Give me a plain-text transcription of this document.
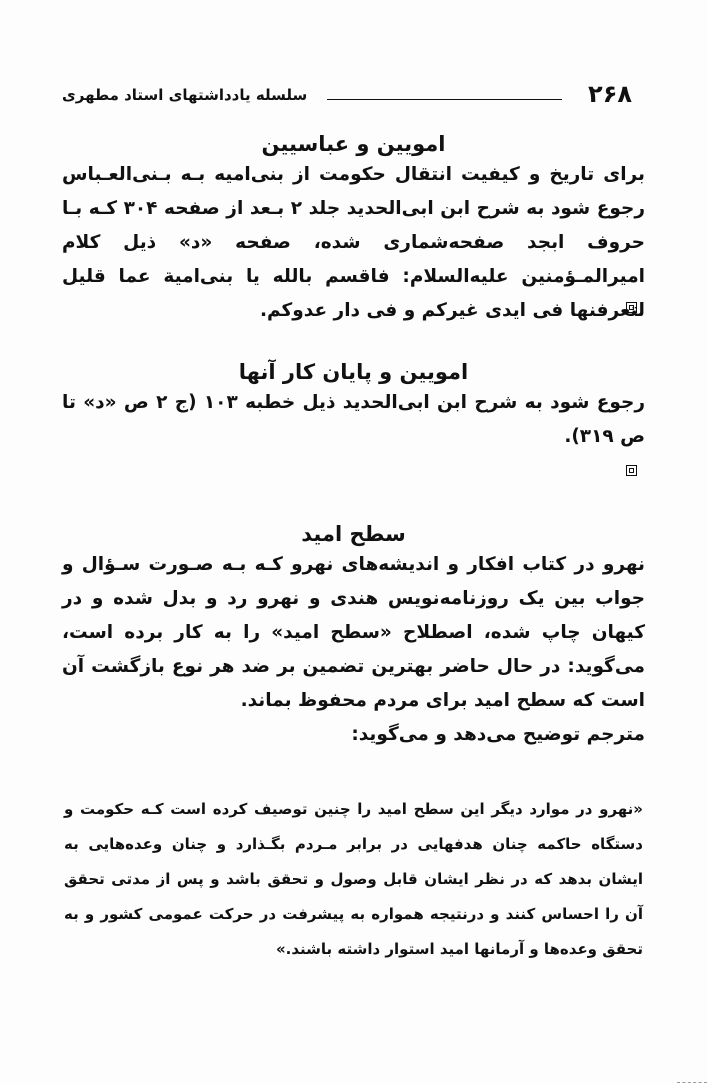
۲۶۸
سلسله یادداشتهای استاد مطهری
امویین و عباسیین

برای تاریخ و کیفیت انتقال حکومت از بنی‌امیه بـه بـنی‌العـباس رجوع شود به شرح ابن ابی‌الحدید جلد ۲ بـعد از صفحه ۳۰۴ کـه بـا حروف ابجد صفحه‌شماری شده، صفحه «د» ذیل کلام امیرالمـؤمنین علیه‌السلام: فاقسم بالله یا بنی‌امیة عما قلیل لتعرفنها فی ایدی غیرکم و فی دار عدوکم.

امویین و پایان کار آنها

رجوع شود به شرح ابن ابی‌الحدید ذیل خطبه ۱۰۳ (ج ۲ ص «د» تا ص ۳۱۹).

سطح امید

نهرو در کتاب افکار و اندیشه‌های نهرو کـه بـه صـورت سـؤال و جواب بین یک روزنامه‌نویس هندی و نهرو رد و بدل شده و در کیهان چاپ شده، اصطلاح «سطح امید» را به کار برده است، می‌گوید: در حال حاضر بهترین تضمین بر ضد هر نوع بازگشت آن است که سطح امید برای مردم محفوظ بماند.

مترجم توضیح می‌دهد و می‌گوید:

«نهرو در موارد دیگر این سطح امید را چنین توصیف کرده است کـه حکومت و دستگاه حاکمه چنان هدفهایی در برابر مـردم بگـذارد و چنان وعده‌هایی به ایشان بدهد که در نظر ایشان قابل وصول و تحقق باشد و پس از مدتی تحقق آن را احساس کنند و درنتیجه همواره به پیشرفت در حرکت عمومی کشور و به تحقق وعده‌ها و آرمانها امید استوار داشته باشند.»
